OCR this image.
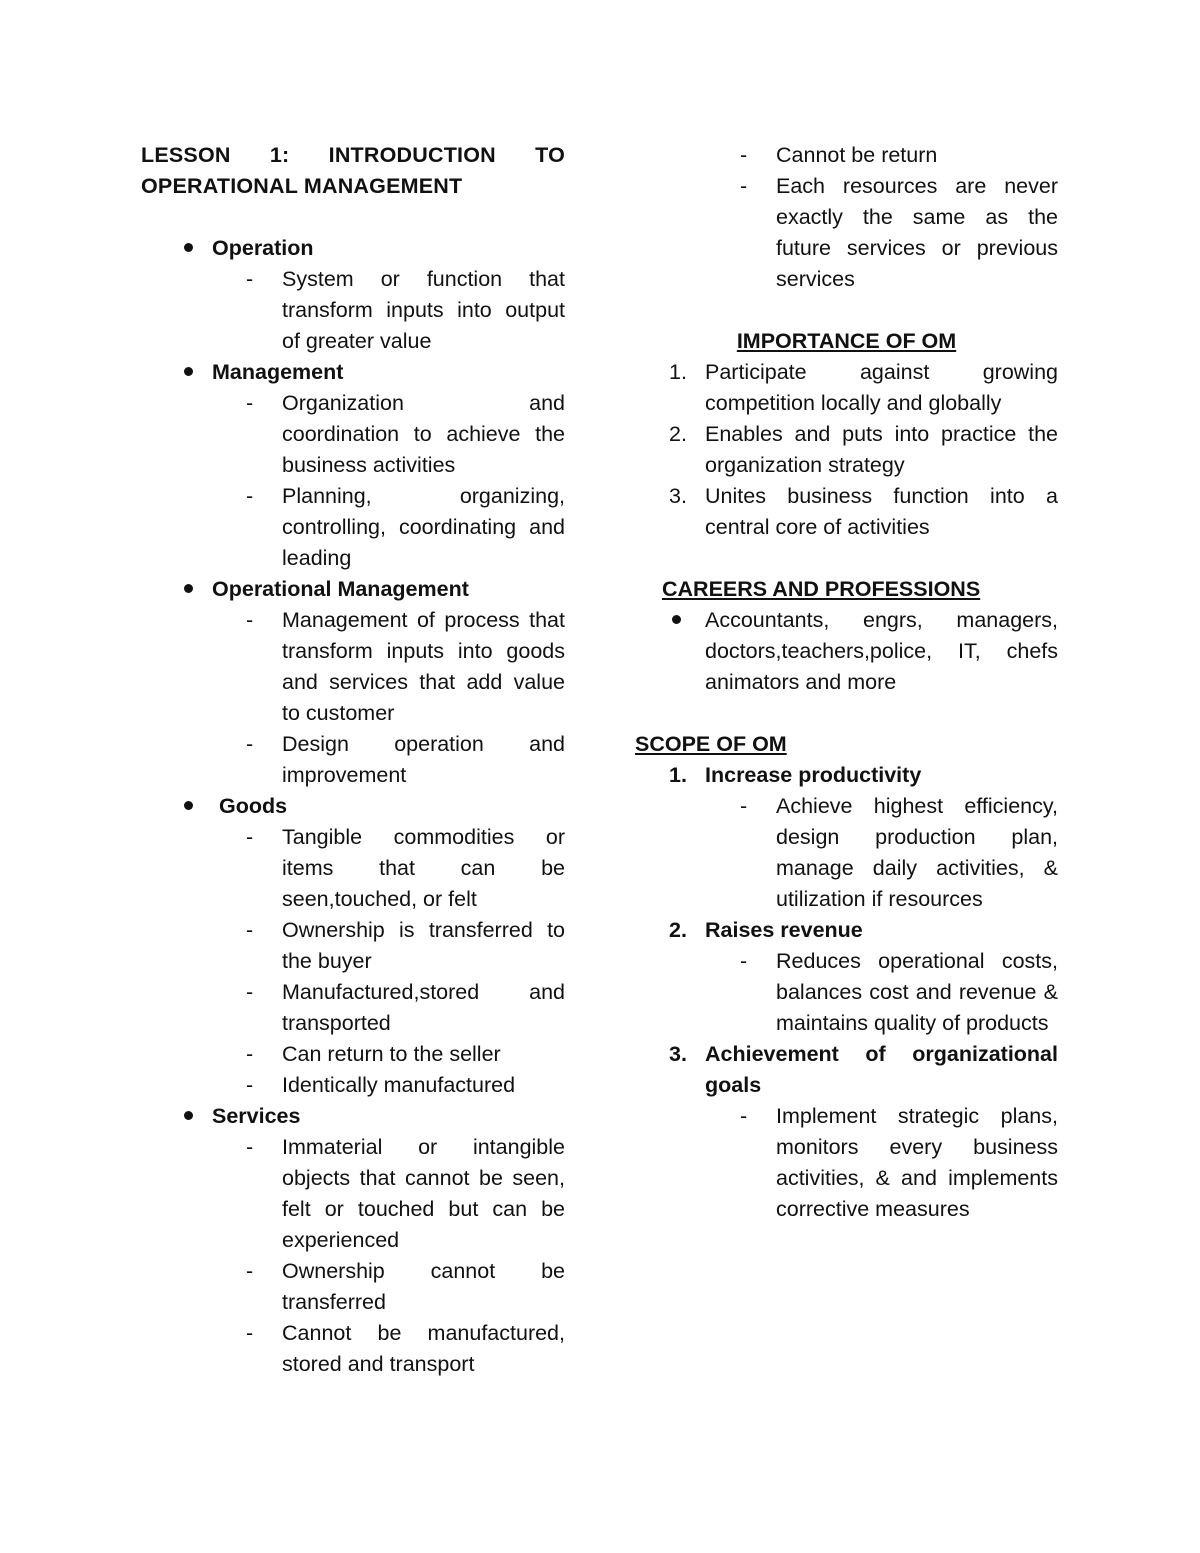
LESSON 1: INTRODUCTION TO
OPERATIONAL MANAGEMENT
Operation
- System or function that transform inputs into output of greater value
Management
- Organization and coordination to achieve the business activities
- Planning, organizing, controlling, coordinating and leading
Operational Management
- Management of process that transform inputs into goods and services that add value to customer
- Design operation and improvement
Goods
- Tangible commodities or items that can be seen,touched, or felt
- Ownership is transferred to the buyer
- Manufactured,stored and transported
- Can return to the seller
- Identically manufactured
Services
- Immaterial or intangible objects that cannot be seen, felt or touched but can be experienced
- Ownership cannot be transferred
- Cannot be manufactured, stored and transport
- Cannot be return
- Each resources are never exactly the same as the future services or previous services
IMPORTANCE OF OM
1. Participate against growing competition locally and globally
2. Enables and puts into practice the organization strategy
3. Unites business function into a central core of activities
CAREERS AND PROFESSIONS
Accountants, engrs, managers, doctors,teachers,police, IT, chefs animators and more
SCOPE OF OM
1. Increase productivity
- Achieve highest efficiency, design production plan, manage daily activities, & utilization if resources
2. Raises revenue
- Reduces operational costs, balances cost and revenue & maintains quality of products
3. Achievement of organizational goals
- Implement strategic plans, monitors every business activities, & and implements corrective measures
